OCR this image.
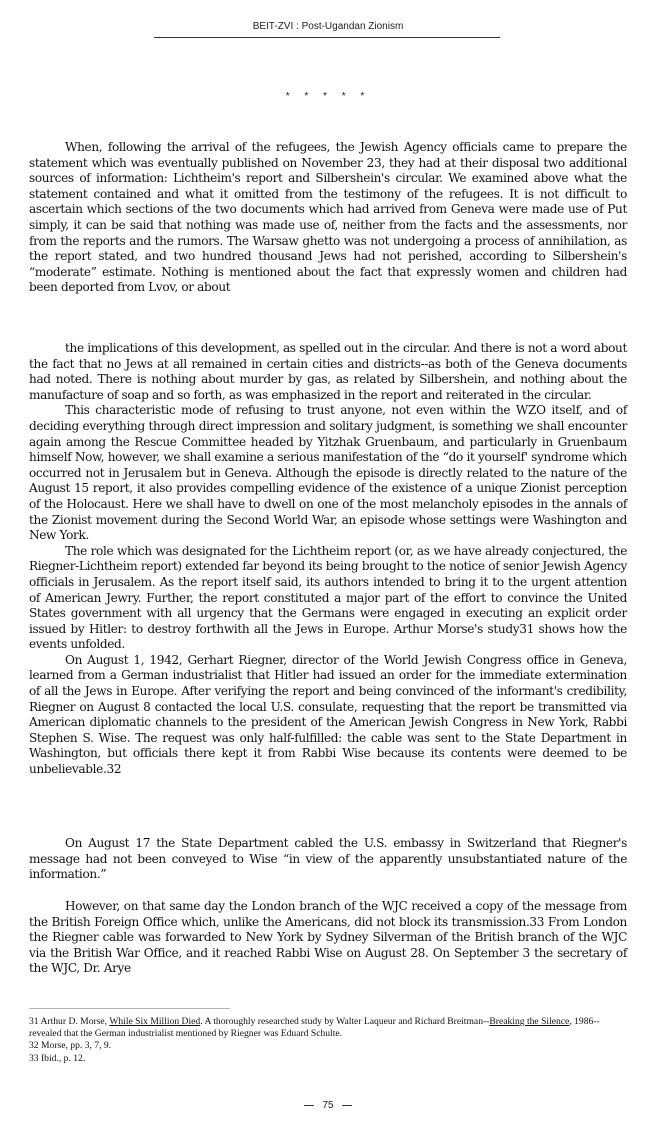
BEIT-ZVI : Post-Ugandan Zionism
* * * * *

When, following the arrival of the refugees, the Jewish Agency officials came to prepare the statement which was eventually published on November 23, they had at their disposal two additional sources of information: Lichtheim's report and Silbershein's circular. We examined above what the statement contained and what it omitted from the testimony of the refugees. It is not difficult to ascertain which sections of the two documents which had arrived from Geneva were made use of Put simply, it can be said that nothing was made use of, neither from the facts and the assessments, nor from the reports and the rumors. The Warsaw ghetto was not undergoing a process of annihilation, as the report stated, and two hundred thousand Jews had not perished, according to Silbershein's “moderate” estimate. Nothing is mentioned about the fact that expressly women and children had been deported from Lvov, or about

the implications of this development, as spelled out in the circular. And there is not a word about the fact that no Jews at all remained in certain cities and districts--as both of the Geneva documents had noted. There is nothing about murder by gas, as related by Silbershein, and nothing about the manufacture of soap and so forth, as was emphasized in the report and reiterated in the circular.

This characteristic mode of refusing to trust anyone, not even within the WZO itself, and of deciding everything through direct impression and solitary judgment, is something we shall encounter again among the Rescue Committee headed by Yitzhak Gruenbaum, and particularly in Gruenbaum himself Now, however, we shall examine a serious manifestation of the “do it yourself' syndrome which occurred not in Jerusalem but in Geneva. Although the episode is directly related to the nature of the August 15 report, it also provides compelling evidence of the existence of a unique Zionist perception of the Holocaust. Here we shall have to dwell on one of the most melancholy episodes in the annals of the Zionist movement during the Second World War, an episode whose settings were Washington and New York.

The role which was designated for the Lichtheim report (or, as we have already conjectured, the Riegner-Lichtheim report) extended far beyond its being brought to the notice of senior Jewish Agency officials in Jerusalem. As the report itself said, its authors intended to bring it to the urgent attention of American Jewry. Further, the report constituted a major part of the effort to convince the United States government with all urgency that the Germans were engaged in executing an explicit order issued by Hitler: to destroy forthwith all the Jews in Europe. Arthur Morse's study31 shows how the events unfolded.

On August 1, 1942, Gerhart Riegner, director of the World Jewish Congress office in Geneva, learned from a German industrialist that Hitler had issued an order for the immediate extermination of all the Jews in Europe. After verifying the report and being convinced of the informant's credibility, Riegner on August 8 contacted the local U.S. consulate, requesting that the report be transmitted via American diplomatic channels to the president of the American Jewish Congress in New York, Rabbi Stephen S. Wise. The request was only half-fulfilled: the cable was sent to the State Department in Washington, but officials there kept it from Rabbi Wise because its contents were deemed to be unbelievable.32

On August 17 the State Department cabled the U.S. embassy in Switzerland that Riegner's message had not been conveyed to Wise “in view of the apparently unsubstantiated nature of the information.”

However, on that same day the London branch of the WJC received a copy of the message from the British Foreign Office which, unlike the Americans, did not block its transmission.33 From London the Riegner cable was forwarded to New York by Sydney Silverman of the British branch of the WJC via the British War Office, and it reached Rabbi Wise on August 28. On September 3 the secretary of the WJC, Dr. Arye

31 Arthur D. Morse, While Six Million Died. A thoroughly researched study by Walter Laqueur and Richard Breitman--Breaking the Silence, 1986-- revealed that the German industrialist mentioned by Riegner was Eduard Schulte.
32 Morse, pp. 3, 7, 9.
33 Ibid., p. 12.
75
